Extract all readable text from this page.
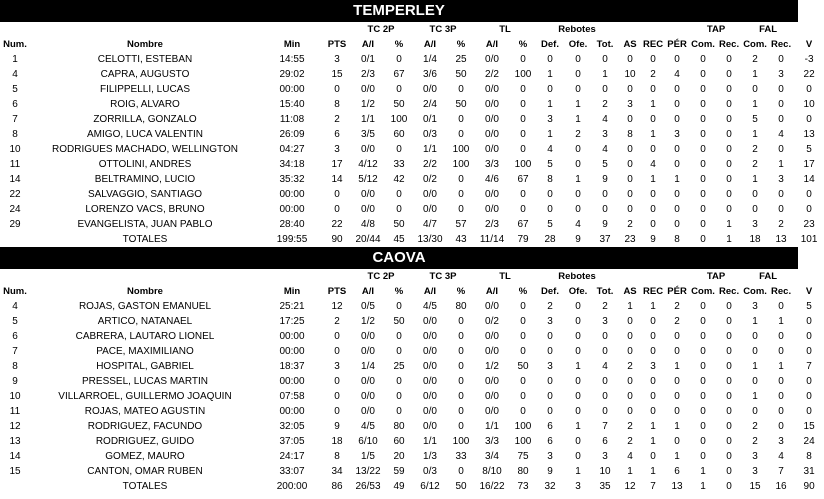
TEMPERLEY
				TC 2P		TC 3P		TL		Rebotes						TAP		FAL		
Num.	Nombre	Min	PTS	A/I	%	A/I	%	A/I	%	Def.	Ofe.	Tot.	AS	REC	PÉR	Com.	Rec.	Com.	Rec.	V
1	CELOTTI, ESTEBAN	14:55	3	0/1	0	1/4	25	0/0	0	0	0	0	0	0	0	0	0	2	0	-3
4	CAPRA, AUGUSTO	29:02	15	2/3	67	3/6	50	2/2	100	1	0	1	10	2	4	0	0	1	3	22
5	FILIPPELLI, LUCAS	00:00	0	0/0	0	0/0	0	0/0	0	0	0	0	0	0	0	0	0	0	0	0
6	ROIG, ALVARO	15:40	8	1/2	50	2/4	50	0/0	0	1	1	2	3	1	0	0	0	1	0	10
7	ZORRILLA, GONZALO	11:08	2	1/1	100	0/1	0	0/0	0	3	1	4	0	0	0	0	0	5	0	0
8	AMIGO, LUCA VALENTIN	26:09	6	3/5	60	0/3	0	0/0	0	1	2	3	8	1	3	0	0	1	4	13
10	RODRIGUES MACHADO, WELLINGTON	04:27	3	0/0	0	1/1	100	0/0	0	4	0	4	0	0	0	0	0	2	0	5
11	OTTOLINI, ANDRES	34:18	17	4/12	33	2/2	100	3/3	100	5	0	5	0	4	0	0	0	2	1	17
14	BELTRAMINO, LUCIO	35:32	14	5/12	42	0/2	0	4/6	67	8	1	9	0	1	1	0	0	1	3	14
22	SALVAGGIO, SANTIAGO	00:00	0	0/0	0	0/0	0	0/0	0	0	0	0	0	0	0	0	0	0	0	0
24	LORENZO VACS, BRUNO	00:00	0	0/0	0	0/0	0	0/0	0	0	0	0	0	0	0	0	0	0	0	0
29	EVANGELISTA, JUAN PABLO	28:40	22	4/8	50	4/7	57	2/3	67	5	4	9	2	0	0	0	1	3	2	23
	TOTALES	199:55	90	20/44	45	13/30	43	11/14	79	28	9	37	23	9	8	0	1	18	13	101
CAOVA
				TC 2P		TC 3P		TL		Rebotes						TAP		FAL		
Num.	Nombre	Min	PTS	A/I	%	A/I	%	A/I	%	Def.	Ofe.	Tot.	AS	REC	PÉR	Com.	Rec.	Com.	Rec.	V
4	ROJAS, GASTON EMANUEL	25:21	12	0/5	0	4/5	80	0/0	0	2	0	2	1	1	2	0	0	3	0	5
5	ARTICO, NATANAEL	17:25	2	1/2	50	0/0	0	0/2	0	3	0	3	0	0	2	0	0	1	1	0
6	CABRERA, LAUTARO LIONEL	00:00	0	0/0	0	0/0	0	0/0	0	0	0	0	0	0	0	0	0	0	0	0
7	PACE, MAXIMILIANO	00:00	0	0/0	0	0/0	0	0/0	0	0	0	0	0	0	0	0	0	0	0	0
8	HOSPITAL, GABRIEL	18:37	3	1/4	25	0/0	0	1/2	50	3	1	4	2	3	1	0	0	1	1	7
9	PRESSEL, LUCAS MARTIN	00:00	0	0/0	0	0/0	0	0/0	0	0	0	0	0	0	0	0	0	0	0	0
10	VILLARROEL, GUILLERMO JOAQUIN	07:58	0	0/0	0	0/0	0	0/0	0	0	0	0	0	0	0	0	0	1	0	0
11	ROJAS, MATEO AGUSTIN	00:00	0	0/0	0	0/0	0	0/0	0	0	0	0	0	0	0	0	0	0	0	0
12	RODRIGUEZ, FACUNDO	32:05	9	4/5	80	0/0	0	1/1	100	6	1	7	2	1	1	0	0	2	0	15
13	RODRIGUEZ, GUIDO	37:05	18	6/10	60	1/1	100	3/3	100	6	0	6	2	1	0	0	0	2	3	24
14	GOMEZ, MAURO	24:17	8	1/5	20	1/3	33	3/4	75	3	0	3	4	0	1	0	0	3	4	8
15	CANTON, OMAR RUBEN	33:07	34	13/22	59	0/3	0	8/10	80	9	1	10	1	1	6	1	0	3	7	31
	TOTALES	200:00	86	26/53	49	6/12	50	16/22	73	32	3	35	12	7	13	1	0	15	16	90
